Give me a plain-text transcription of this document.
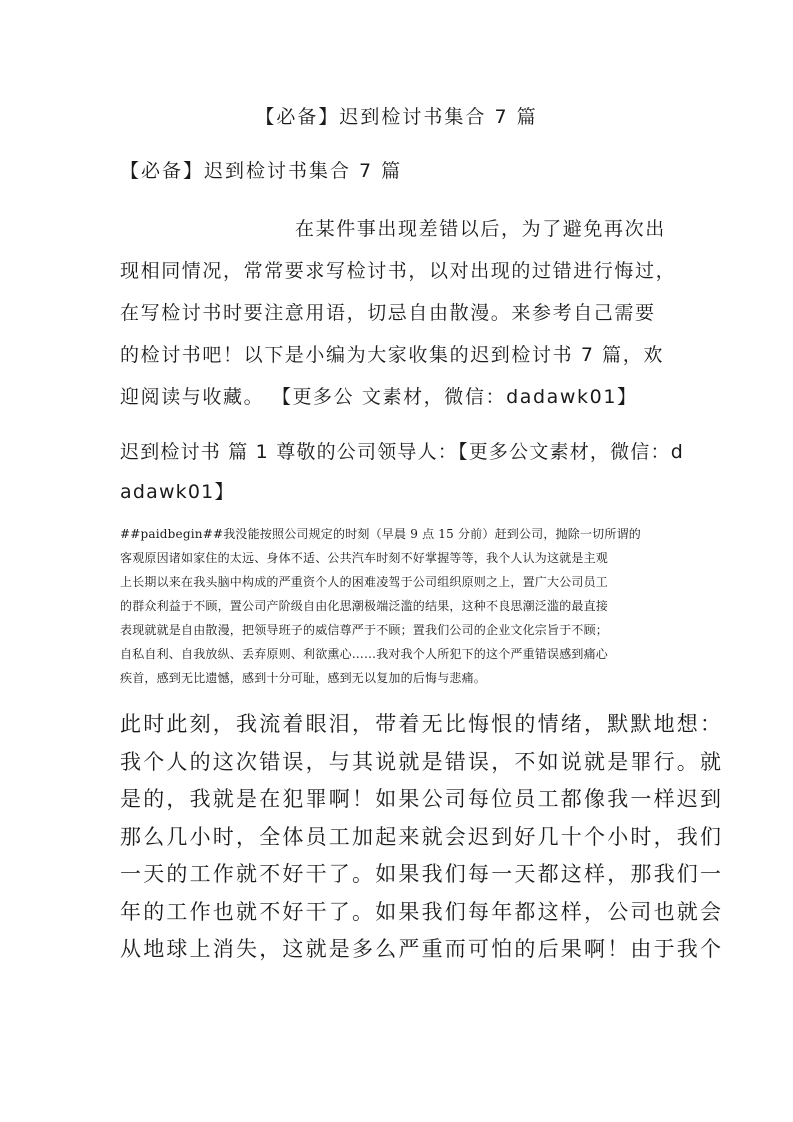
【必备】迟到检讨书集合 7 篇
【必备】迟到检讨书集合 7 篇
在某件事出现差错以后，为了避免再次出
现相同情况，常常要求写检讨书，以对出现的过错进行悔过，
在写检讨书时要注意用语，切忌自由散漫。来参考自己需要
的检讨书吧！以下是小编为大家收集的迟到检讨书 7 篇，欢
迎阅读与收藏。 【更多公 文素材，微信：dadawk01】
迟到检讨书 篇 1 尊敬的公司领导人：【更多公文素材，微信：d
adawk01】
##paidbegin##我没能按照公司规定的时刻（早晨 9 点 15 分前）赶到公司，抛除一切所谓的
客观原因诸如家住的太远、身体不适、公共汽车时刻不好掌握等等，我个人认为这就是主观
上长期以来在我头脑中构成的严重资个人的困难凌驾于公司组织原则之上，置广大公司员工
的群众利益于不顾，置公司产阶级自由化思潮极端泛滥的结果，这种不良思潮泛滥的最直接
表现就就是自由散漫，把领导班子的威信尊严于不顾；置我们公司的企业文化宗旨于不顾；
自私自利、自我放纵、丢弃原则、利欲熏心……我对我个人所犯下的这个严重错误感到痛心
疾首，感到无比遗憾，感到十分可耻，感到无以复加的后悔与悲痛。
此时此刻，我流着眼泪，带着无比悔恨的情绪，默默地想：
我个人的这次错误，与其说就是错误，不如说就是罪行。就
是的，我就是在犯罪啊！如果公司每位员工都像我一样迟到
那么几小时，全体员工加起来就会迟到好几十个小时，我们
一天的工作就不好干了。如果我们每一天都这样，那我们一
年的工作也就不好干了。如果我们每年都这样，公司也就会
从地球上消失，这就是多么严重而可怕的后果啊！由于我个
